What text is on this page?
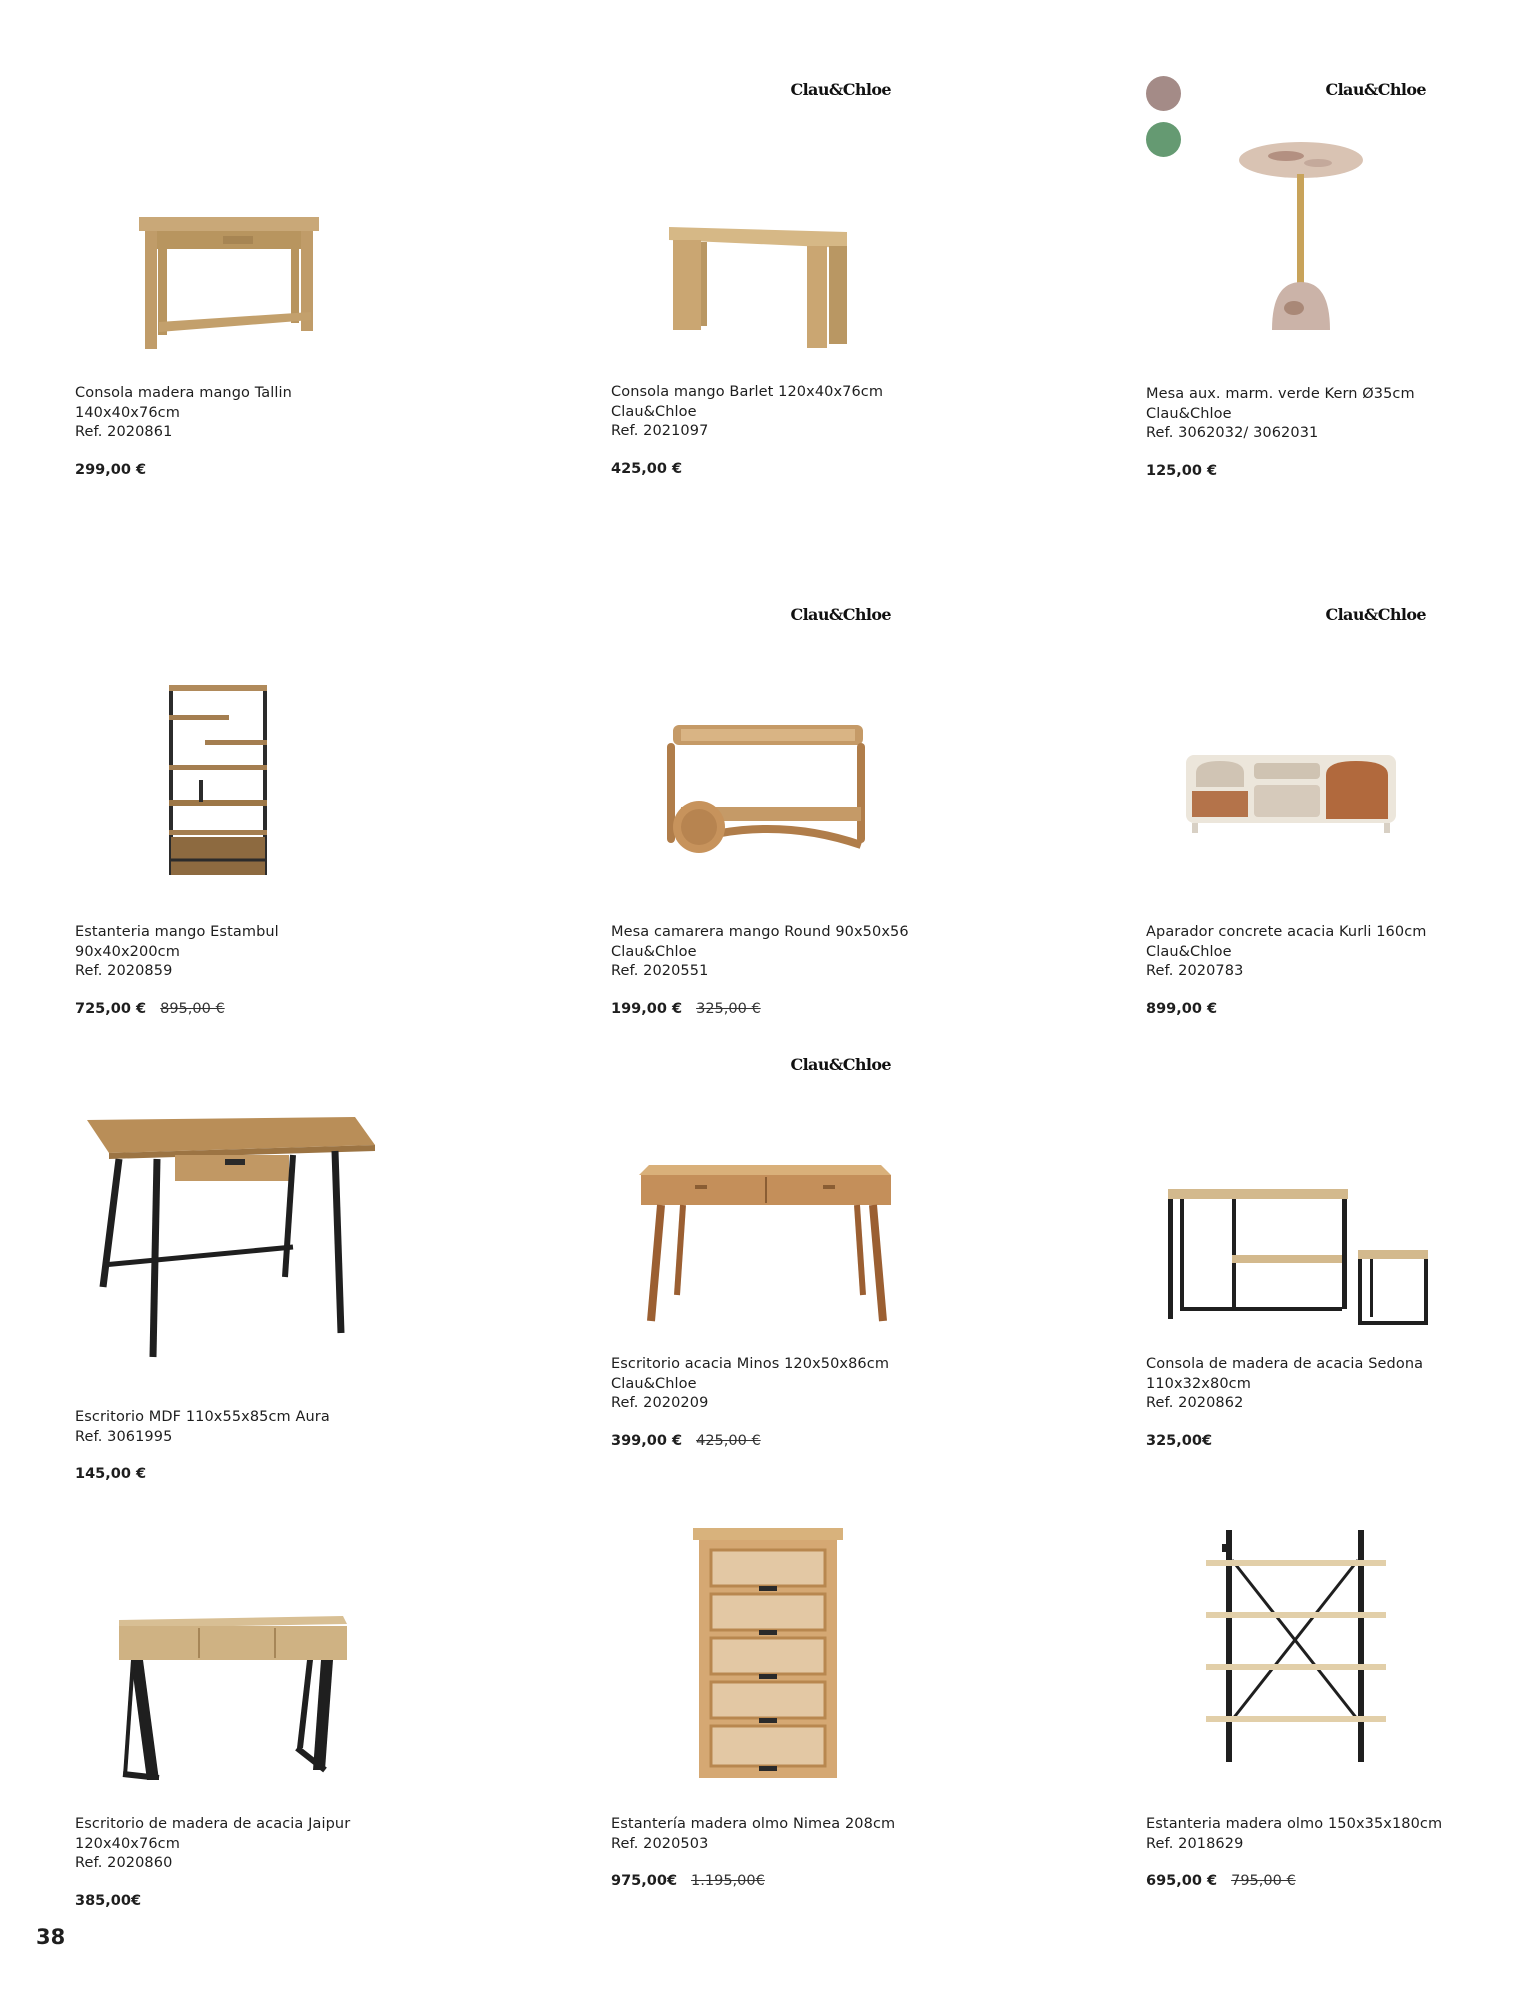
Consola madera mango Tallin
140x40x76cm
Ref. 2020861
299,00 €
Clau&Chloe
Consola mango Barlet 120x40x76cm
Clau&Chloe
Ref. 2021097
425,00 €
Clau&Chloe
Mesa aux. marm. verde Kern Ø35cm
Clau&Chloe
Ref. 3062032/ 3062031
125,00 €
Estanteria mango Estambul
90x40x200cm
Ref. 2020859
725,00 € 895,00 €
Clau&Chloe
Mesa camarera mango Round 90x50x56
Clau&Chloe
Ref. 2020551
199,00 € 325,00 €
Clau&Chloe
Aparador concrete acacia Kurli 160cm
Clau&Chloe
Ref. 2020783
899,00 €
Escritorio MDF 110x55x85cm Aura
Ref. 3061995
145,00 €
Clau&Chloe
Escritorio acacia Minos 120x50x86cm
Clau&Chloe
Ref. 2020209
399,00 € 425,00 €
Consola de madera de acacia Sedona
110x32x80cm
Ref. 2020862
325,00€
Escritorio de madera de acacia Jaipur
120x40x76cm
Ref. 2020860
385,00€
Estantería madera olmo Nimea 208cm
Ref. 2020503
975,00€ 1.195,00€
Estanteria madera olmo 150x35x180cm
Ref. 2018629
695,00 € 795,00 €
38
